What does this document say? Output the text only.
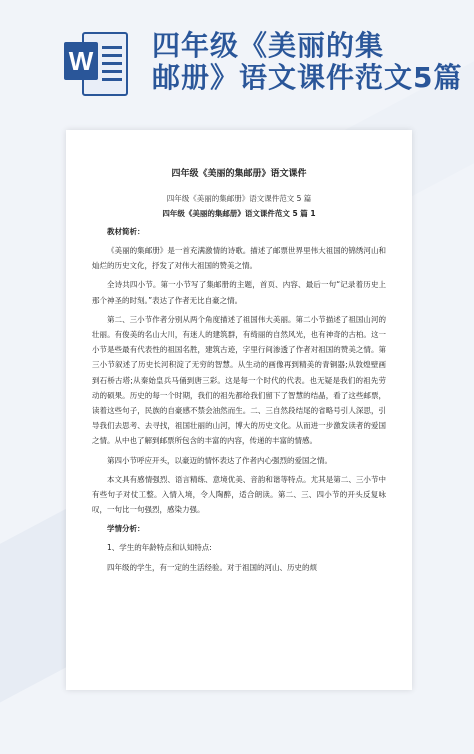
W 四年级《美丽的集
邮册》语文课件范文5篇
四年级《美丽的集邮册》语文课件
四年级《美丽的集邮册》语文课件范文 5 篇
四年级《美丽的集邮册》语文课件范文 5 篇 1
教材简析：

《美丽的集邮册》是一首充满激情的诗歌。描述了邮票世界里伟大祖国的锦绣河山和灿烂的历史文化，抒发了对伟大祖国的赞美之情。

全诗共四小节。第一小节写了集邮册的主题，首页、内容、最后一句“记录着历史上那个神圣的时刻。”表达了作者无比自豪之情。

第二、三小节作者分别从两个角度描述了祖国伟大美丽。第二小节描述了祖国山河的壮丽。有俊美的名山大川，有迷人的建筑群，有绮丽的自然风光，也有神奇的古柏。这一小节是些最有代表性的祖国名胜，建筑古迹，字里行间渗透了作者对祖国的赞美之情。第三小节叙述了历史长河积淀了无穷的智慧。从生动的画像再到精美的青铜器;从敦煌壁画到石桥古塔;从秦始皇兵马俑到唐三彩。这是每一个时代的代表。也无疑是我们的祖先劳动的硕果。历史的每一个时期，我们的祖先都给我们留下了智慧的结晶，看了这些邮票，读着这些句子，民族的自豪感不禁会油然而生。二、三自然段结尾的省略号引人深思，引导我们去思考、去寻找，祖国壮丽的山河，博大的历史文化。从而进一步激发读者的爱国之情。从中也了解到邮票所包含的丰富的内容，传递的丰富的情感。

第四小节呼应开头，以豪迈的情怀表达了作者内心强烈的爱国之情。

本文具有感情强烈、语言精练、意境优美、音韵和谐等特点。尤其是第二、三小节中有些句子对仗工整。入情入境，令人陶醉，适合朗读。第二、三、四小节的开头反复咏叹，一句比一句强烈，感染力强。

学情分析：

1、学生的年龄特点和认知特点:

四年级的学生，有一定的生活经验。对于祖国的河山、历史的烦
